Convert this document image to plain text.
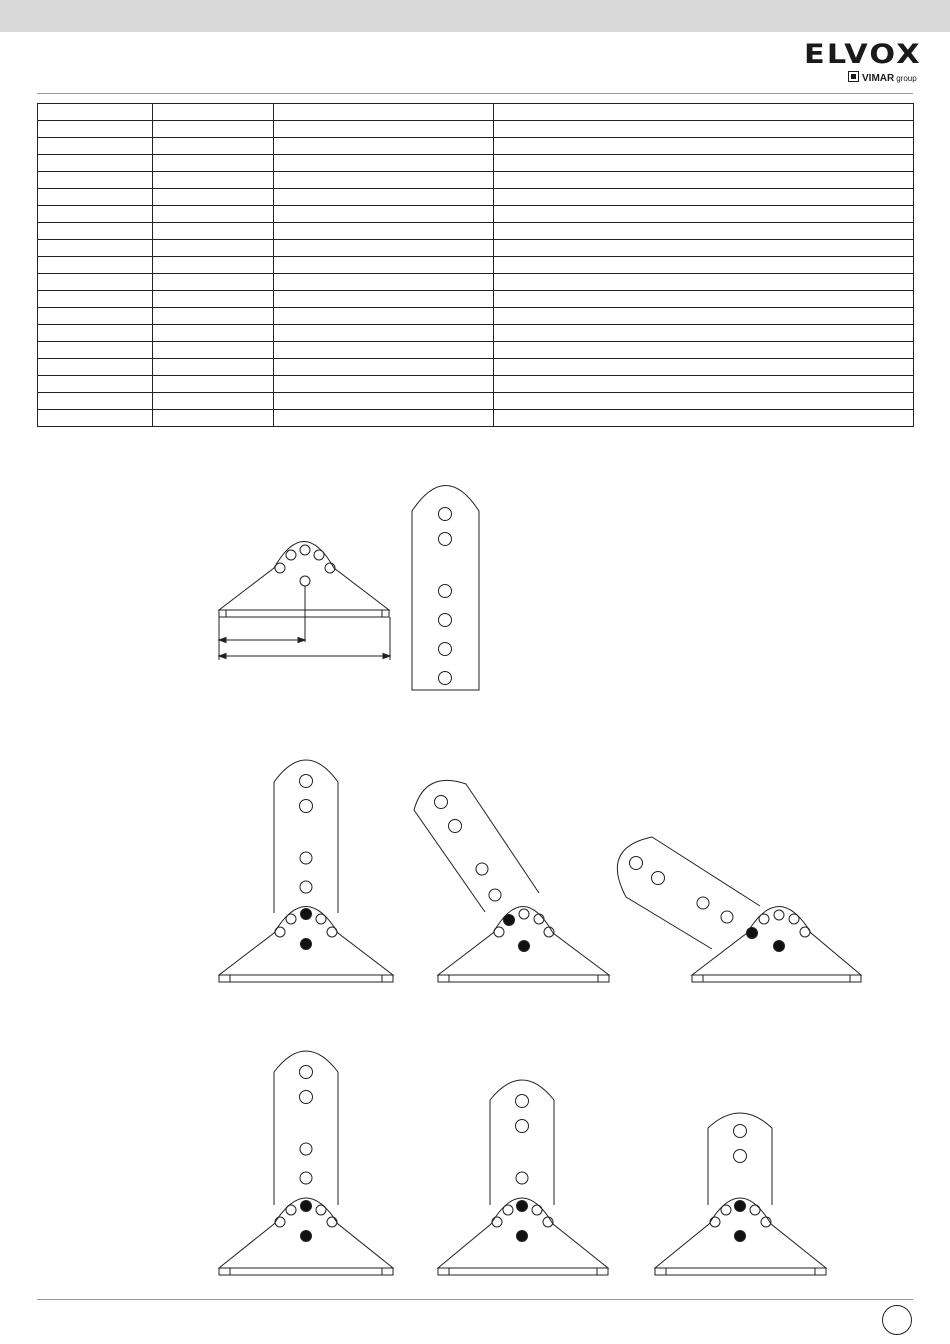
ELVOX
VIMAR group
